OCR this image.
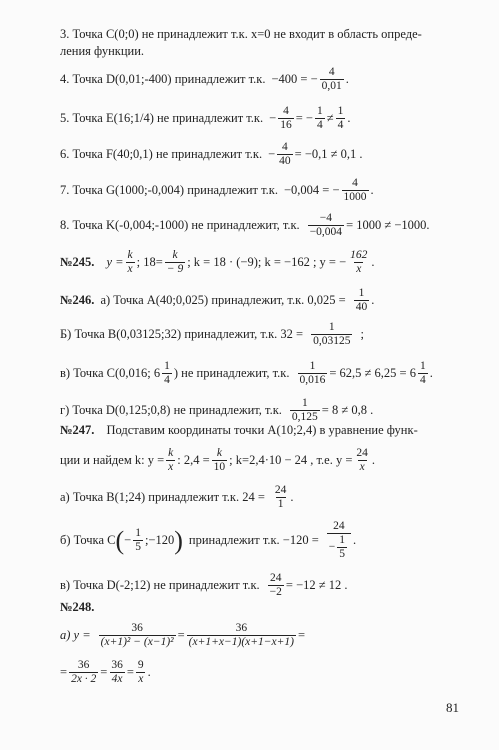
3. Точка C(0;0) не принадлежит т.к. x=0 не входит в область опреде-
ления функции.
4. Точка D(0,01;-400) принадлежит т.к. −400 = − $\frac{4}{0,01}$ .
5. Точка E(16;1/4) не принадлежит т.к. − $\frac{4}{16}$ = − $\frac{1}{4} \ne \frac{1}{4}$ .
6. Точка F(40;0,1) не принадлежит т.к. − $\frac{4}{40} = -0,1 \ne 0,1$ .
7. Точка G(1000;-0,004) принадлежит т.к. −0,004 = − $\frac{4}{1000}$ .
8. Точка K(-0,004;-1000) не принадлежит, т.к. $\frac{-4}{-0,004} = 1000 \ne -1000$.
№245. $y = \frac{k}{x}$ ; $18= \frac{k}{- 9}$ ; k = 18 · (−9); k = −162 ; y = − $\frac{162}{x}$ .
№246. а) Точка A(40;0,025) принадлежит, т.к. $0,025 = \frac{1}{40}$ .
Б) Точка B(0,03125;32) принадлежит, т.к. $32 = \frac{1}{0,03125}$ ;
в) Точка C(0,016; $6 \frac{1}{4}$ ) не принадлежит, т.к. $\frac{1}{0,016} = 62,5 \ne 6,25 = 6 \frac{1}{4}$ .
г) Точка D(0,125;0,8) не принадлежит, т.к. $\frac{1}{0,125} = 8 \ne 0,8$ .
№247. Подставим координаты точки A(10;2,4) в уравнение функ-
ции и найдем k: $y = \frac{k}{x}$ : $2,4 = \frac{k}{10}$ ; k=2,4·10 − 24 , т.е. $y = \frac{24}{x}$ .
а) Точка B(1;24) принадлежит т.к. $24 = \frac{24}{1}$ .
б) Точка C ( − $\frac{1}{5}$ ;−120 ) принадлежит т.к. $-120 = \frac{24}{- \frac{1}{5}}$ .
в) Точка D(-2;12) не принадлежит т.к. $\frac{24}{-2} = -12 \ne 12$ .
№248.
а) $y = \frac{36}{\text{(x+1)² − (x−1)²}} = \frac{36}{(x+1+x-1)(x+1-x+1)}$ =
= $\frac{36}{2x \cdot 2} = \frac{36}{4x} = \frac{9}{x}$ .
81
